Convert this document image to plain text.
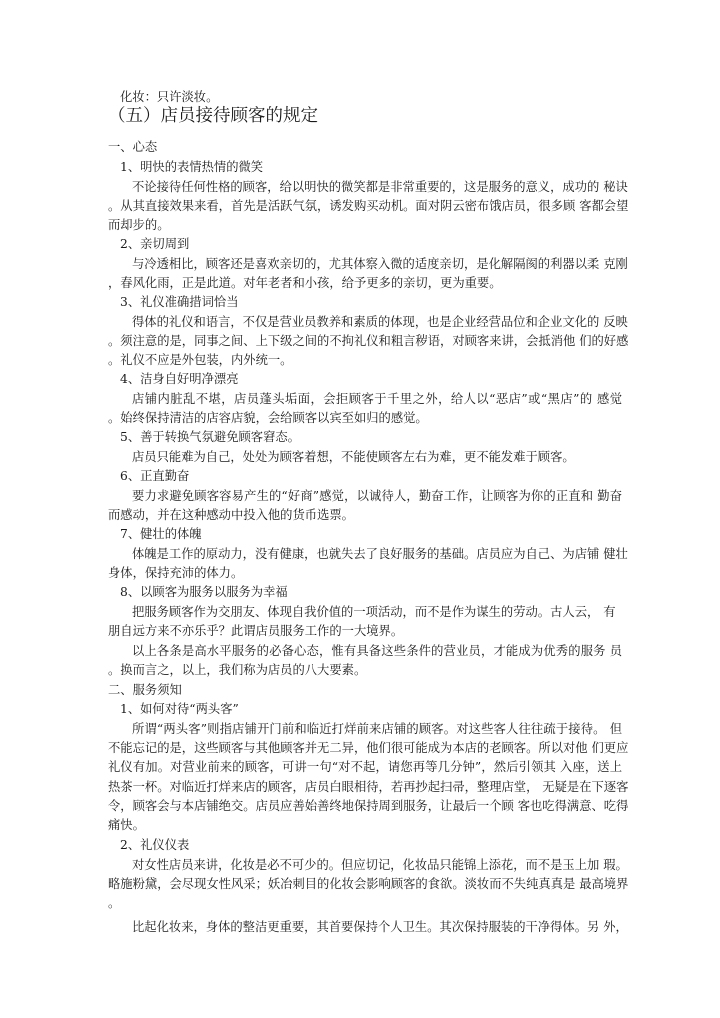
化妆：只许淡妆。
（五）店员接待顾客的规定
一、心态
1、明快的表情热情的微笑
不论接待任何性格的顾客，给以明快的微笑都是非常重要的，这是服务的意义，成功的 秘诀
。从其直接效果来看，首先是活跃气氛，诱发购买动机。面对阴云密布饿店员，很多顾 客都会望
而却步的。
2、亲切周到
与冷透相比，顾客还是喜欢亲切的，尤其体察入微的适度亲切，是化解隔阂的利器以柔 克刚
，春风化雨，正是此道。对年老者和小孩，给予更多的亲切，更为重要。
3、礼仪准确措词恰当
得体的礼仪和语言，不仅是营业员教养和素质的体现，也是企业经营品位和企业文化的 反映
。须注意的是，同事之间、上下级之间的不拘礼仪和粗言秽语，对顾客来讲，会抵消他 们的好感
。礼仪不应是外包装，内外统一。
4、洁身自好明净漂亮
店铺内脏乱不堪，店员蓬头垢面，会拒顾客于千里之外，给人以“恶店”或“黑店”的 感觉
。始终保持清洁的店容店貌，会给顾客以宾至如归的感觉。
5、善于转换气氛避免顾客窘态。
店员只能难为自己，处处为顾客着想，不能使顾客左右为难，更不能发难于顾客。
6、正直勤奋
要力求避免顾客容易产生的“好商”感觉，以诚待人，勤奋工作，让顾客为你的正直和 勤奋
而感动，并在这种感动中投入他的货币选票。
7、健壮的体魄
体魄是工作的原动力，没有健康，也就失去了良好服务的基础。店员应为自己、为店铺 健壮
身体，保持充沛的体力。
8、以顾客为服务以服务为幸福
把服务顾客作为交朋友、体现自我价值的一项活动，而不是作为谋生的劳动。古人云， 有
朋自远方来不亦乐乎？此谓店员服务工作的一大境界。
以上各条是高水平服务的必备心态，惟有具备这些条件的营业员，才能成为优秀的服务 员
。换而言之，以上，我们称为店员的八大要素。
二、服务须知
1、如何对待“两头客”
所谓“两头客”则指店铺开门前和临近打烊前来店铺的顾客。对这些客人往往疏于接待。 但
不能忘记的是，这些顾客与其他顾客并无二异，他们很可能成为本店的老顾客。所以对他 们更应
礼仪有加。对营业前来的顾客，可讲一句“对不起，请您再等几分钟”，然后引领其 入座，送上
热茶一杯。对临近打烊来店的顾客，店员白眼相待，若再抄起扫帚，整理店堂， 无疑是在下逐客
令，顾客会与本店铺绝交。店员应善始善终地保持周到服务，让最后一个顾 客也吃得满意、吃得
痛快。
2、礼仪仪表
对女性店员来讲，化妆是必不可少的。但应切记，化妆品只能锦上添花，而不是玉上加 瑕。
略施粉黛，会尽现女性风采；妖冶刺目的化妆会影响顾客的食欲。淡妆而不失纯真真是 最高境界
。
比起化妆来，身体的整洁更重要，其首要保持个人卫生。其次保持服装的干净得体。另 外，
